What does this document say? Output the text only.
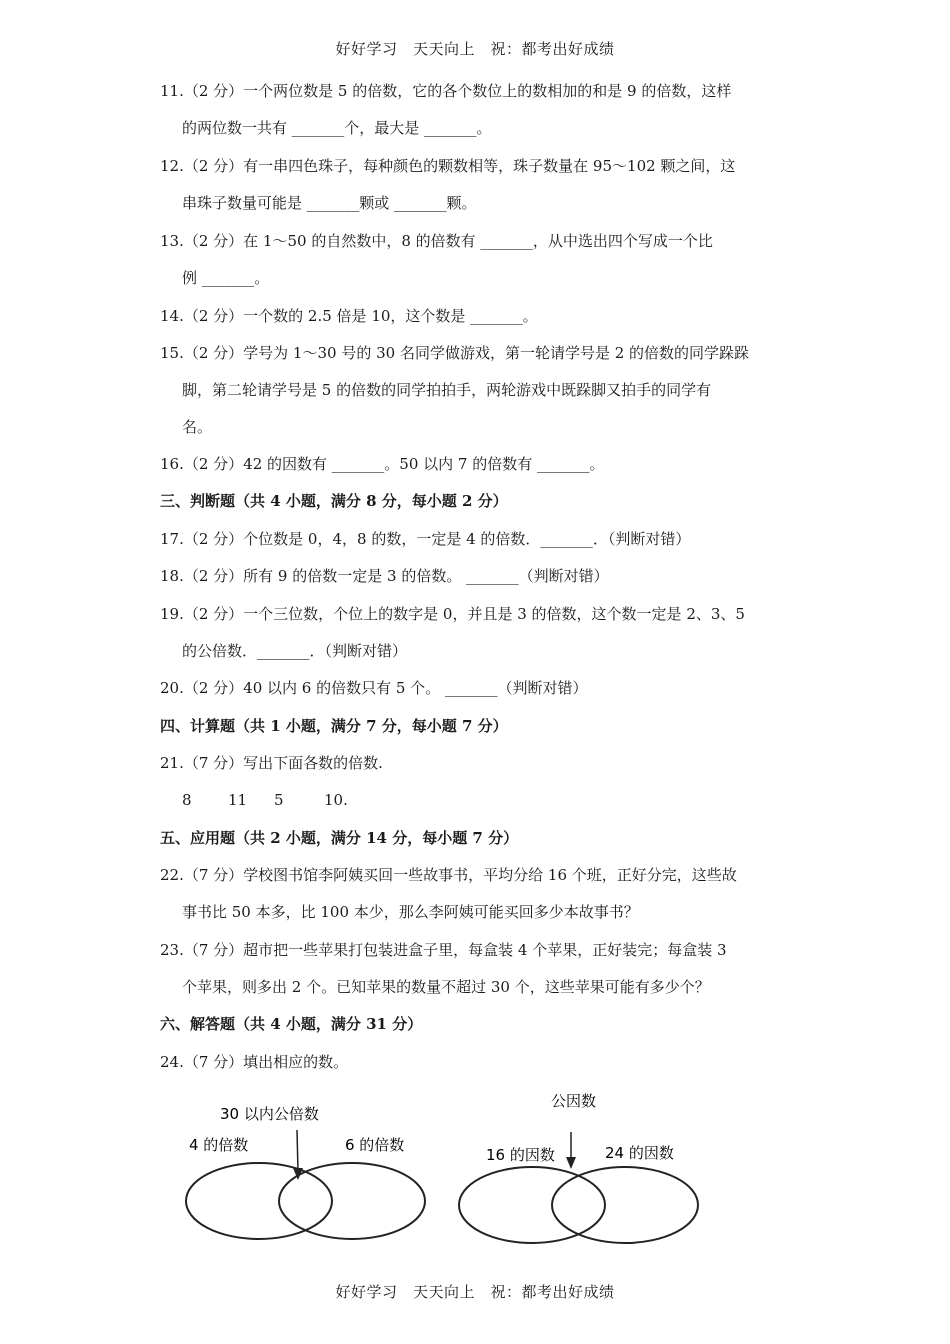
好好学习　天天向上　祝：都考出好成绩
11.（2 分）一个两位数是 5 的倍数，它的各个数位上的数相加的和是 9 的倍数，这样
的两位数一共有 _______个，最大是 _______。
12.（2 分）有一串四色珠子，每种颜色的颗数相等，珠子数量在 95～102 颗之间，这
串珠子数量可能是 _______颗或 _______颗。
13.（2 分）在 1～50 的自然数中，8 的倍数有 _______，从中选出四个写成一个比
例 _______。
14.（2 分）一个数的 2.5 倍是 10，这个数是 _______。
15.（2 分）学号为 1～30 号的 30 名同学做游戏，第一轮请学号是 2 的倍数的同学跺跺
脚，第二轮请学号是 5 的倍数的同学拍拍手，两轮游戏中既跺脚又拍手的同学有
名。
16.（2 分）42 的因数有 _______。50 以内 7 的倍数有 _______。
三、判断题（共 4 小题，满分 8 分，每小题 2 分）
17.（2 分）个位数是 0，4，8 的数，一定是 4 的倍数．_______．（判断对错）
18.（2 分）所有 9 的倍数一定是 3 的倍数。 _______（判断对错）
19.（2 分）一个三位数，个位上的数字是 0，并且是 3 的倍数，这个数一定是 2、3、5
的公倍数．_______．（判断对错）
20.（2 分）40 以内 6 的倍数只有 5 个。 _______（判断对错）
四、计算题（共 1 小题，满分 7 分，每小题 7 分）
21.（7 分）写出下面各数的倍数.
8 11 5	10.
五、应用题（共 2 小题，满分 14 分，每小题 7 分）
22.（7 分）学校图书馆李阿姨买回一些故事书，平均分给 16 个班，正好分完，这些故
事书比 50 本多，比 100 本少，那么李阿姨可能买回多少本故事书？
23.（7 分）超市把一些苹果打包装进盒子里，每盒装 4 个苹果，正好装完；每盒装 3
个苹果，则多出 2 个。已知苹果的数量不超过 30 个，这些苹果可能有多少个？
六、解答题（共 4 小题，满分 31 分）
24.（7 分）填出相应的数。
30 以内公倍数
4 的倍数	6 的倍数
公因数
16 的因数	24 的因数
好好学习　天天向上　祝：都考出好成绩
